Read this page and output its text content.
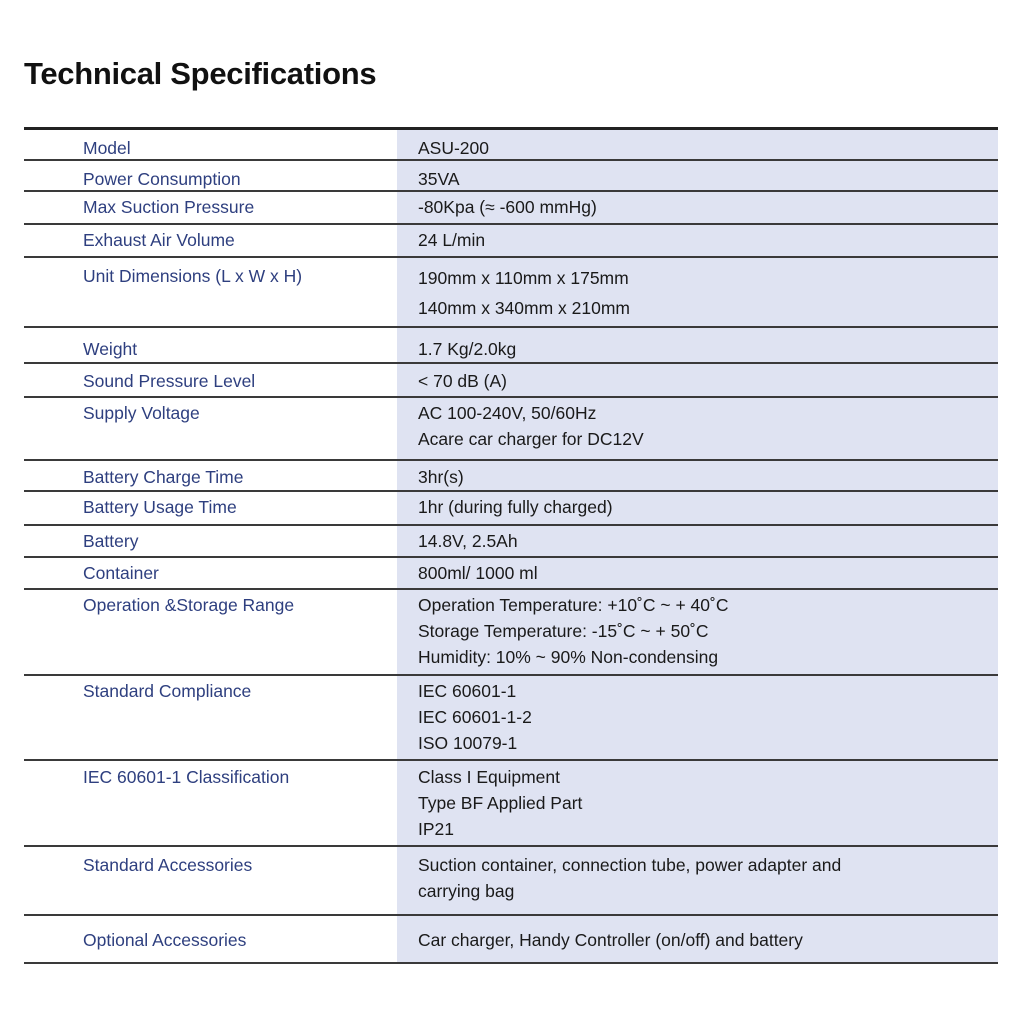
Technical Specifications
Model	ASU-200
Power Consumption	35VA
Max Suction Pressure	-80Kpa (≈ -600 mmHg)
Exhaust Air Volume	24 L/min
Unit Dimensions (L x W x H)	190mm x 110mm x 175mm
140mm x 340mm x 210mm
Weight	1.7 Kg/2.0kg
Sound Pressure Level	< 70 dB (A)
Supply Voltage	AC 100-240V, 50/60Hz
Acare car charger for DC12V
Battery Charge Time	3hr(s)
Battery Usage Time	1hr (during fully charged)
Battery	14.8V, 2.5Ah
Container	800ml/ 1000 ml
Operation &Storage Range	Operation Temperature: +10˚C ~ + 40˚C
Storage Temperature: -15˚C ~ + 50˚C
Humidity: 10% ~ 90% Non-condensing
Standard Compliance	IEC 60601-1
IEC 60601-1-2
ISO 10079-1
IEC 60601-1 Classification	Class I Equipment
Type BF Applied Part
IP21
Standard Accessories	Suction container, connection tube, power adapter and
carrying bag
Optional Accessories	Car charger, Handy Controller (on/off) and battery
